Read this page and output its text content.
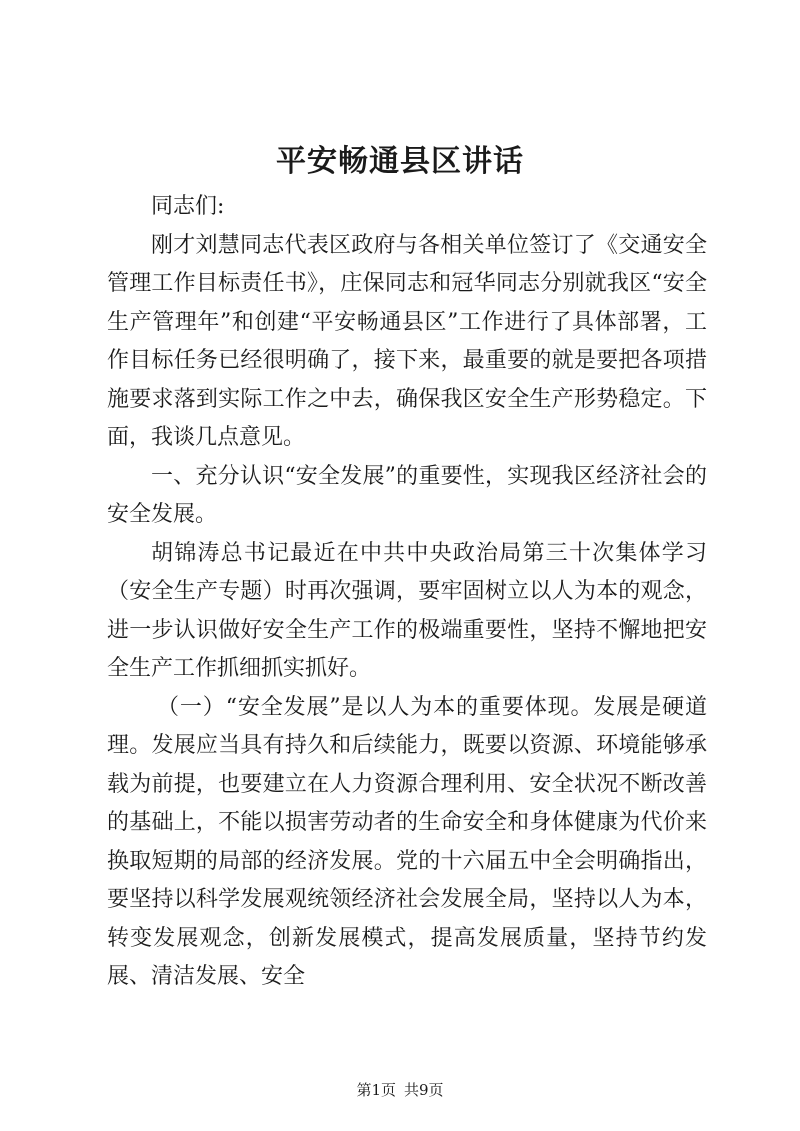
平安畅通县区讲话

同志们:

刚才刘慧同志代表区政府与各相关单位签订了《交通安全管理工作目标责任书》，庄保同志和冠华同志分别就我区“安全生产管理年”和创建“平安畅通县区”工作进行了具体部署，工作目标任务已经很明确了，接下来，最重要的就是要把各项措施要求落到实际工作之中去，确保我区安全生产形势稳定。下面，我谈几点意见。

一、充分认识“安全发展”的重要性，实现我区经济社会的安全发展。

胡锦涛总书记最近在中共中央政治局第三十次集体学习（安全生产专题）时再次强调，要牢固树立以人为本的观念，进一步认识做好安全生产工作的极端重要性，坚持不懈地把安全生产工作抓细抓实抓好。

（一）“安全发展”是以人为本的重要体现。发展是硬道理。发展应当具有持久和后续能力，既要以资源、环境能够承载为前提，也要建立在人力资源合理利用、安全状况不断改善的基础上，不能以损害劳动者的生命安全和身体健康为代价来换取短期的局部的经济发展。党的十六届五中全会明确指出，要坚持以科学发展观统领经济社会发展全局，坚持以人为本，转变发展观念，创新发展模式，提高发展质量，坚持节约发展、清洁发展、安全

第1页 共9页
